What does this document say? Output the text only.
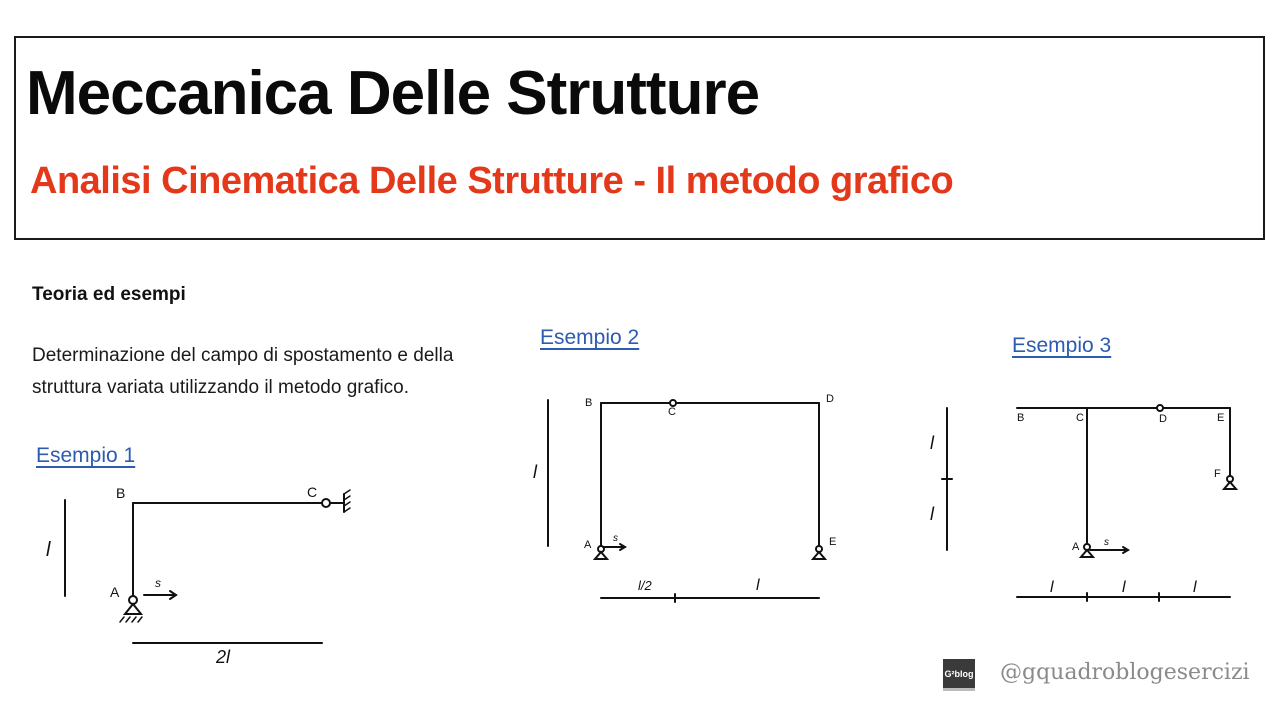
Meccanica Delle Strutture
Analisi Cinematica Delle Strutture - Il metodo grafico
Teoria ed esempi

Determinazione del campo di spostamento e della struttura variata utilizzando il metodo grafico.

Esempio 1
Esempio 2	Esempio 3
B	C
A
l
2l
s
B
C
D
A	E
l
l/2	l
s
B	C	D	E
F
A
l
l
l	l	l
s
G²blog @gquadroblogesercizi
